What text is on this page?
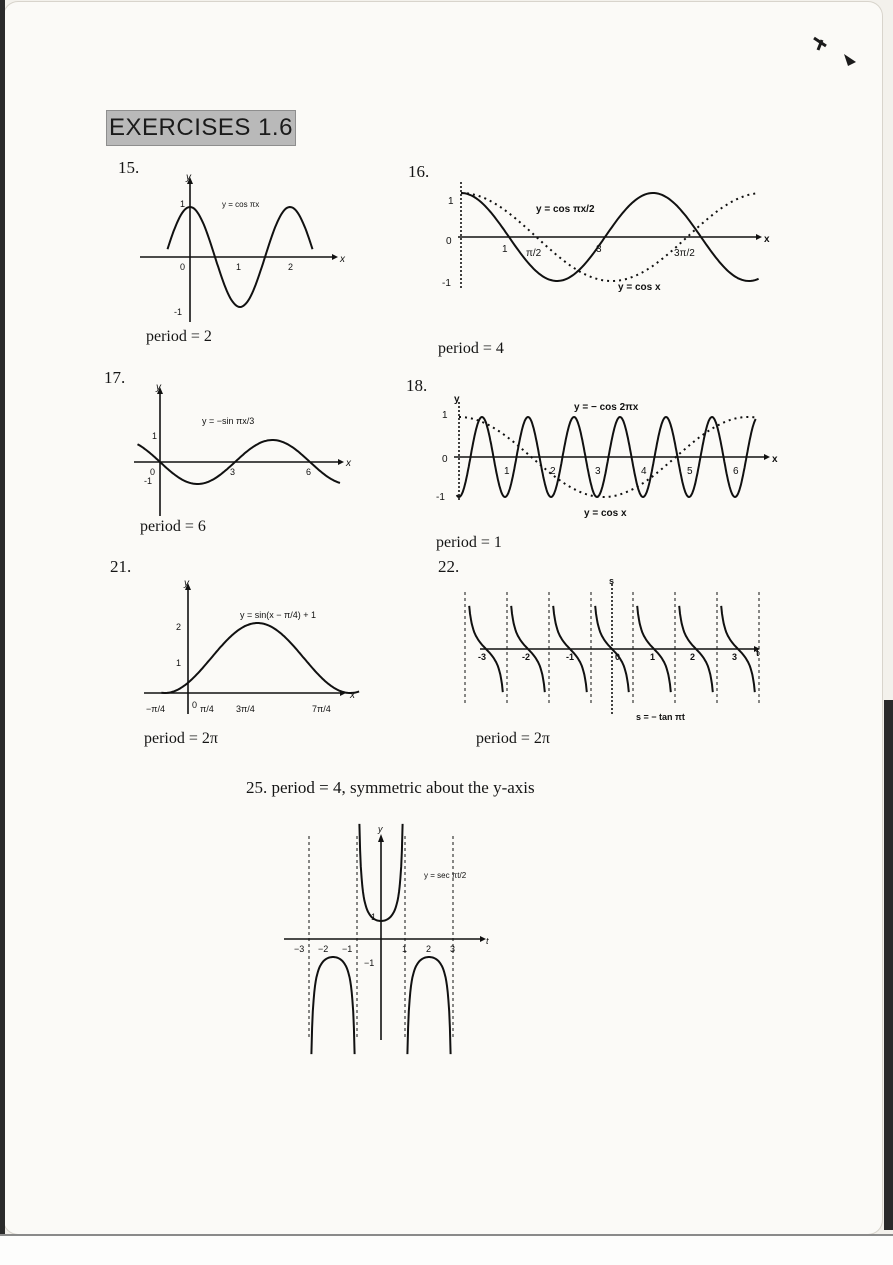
EXERCISES 1.6
15.
x
y
y = cos πx
0	1	2
1
-1
period = 2
16.
x
y = cos πx/2
y = cos x
0
1
-1
1 π/2	3	3π/2
period = 4
17.
x
y
y = −sin πx/3
0
1
-1
3	6
period = 6
18.
x
y
y = − cos 2πx
y = cos x
0
1
-1
1	2	3	4	5	6
period = 1
21.
x
y
y = sin(x − π/4) + 1
0
1
2
−π/4	π/4 3π/4	7π/4
period = 2π
22.
t
s
s = − tan πt
0
-3	-2	-1	1	2	3
period = 2π
25. period = 4, symmetric about the y-axis
t
y
y = sec πt/2
1
−1
−3 −2 −1	1 2 3
